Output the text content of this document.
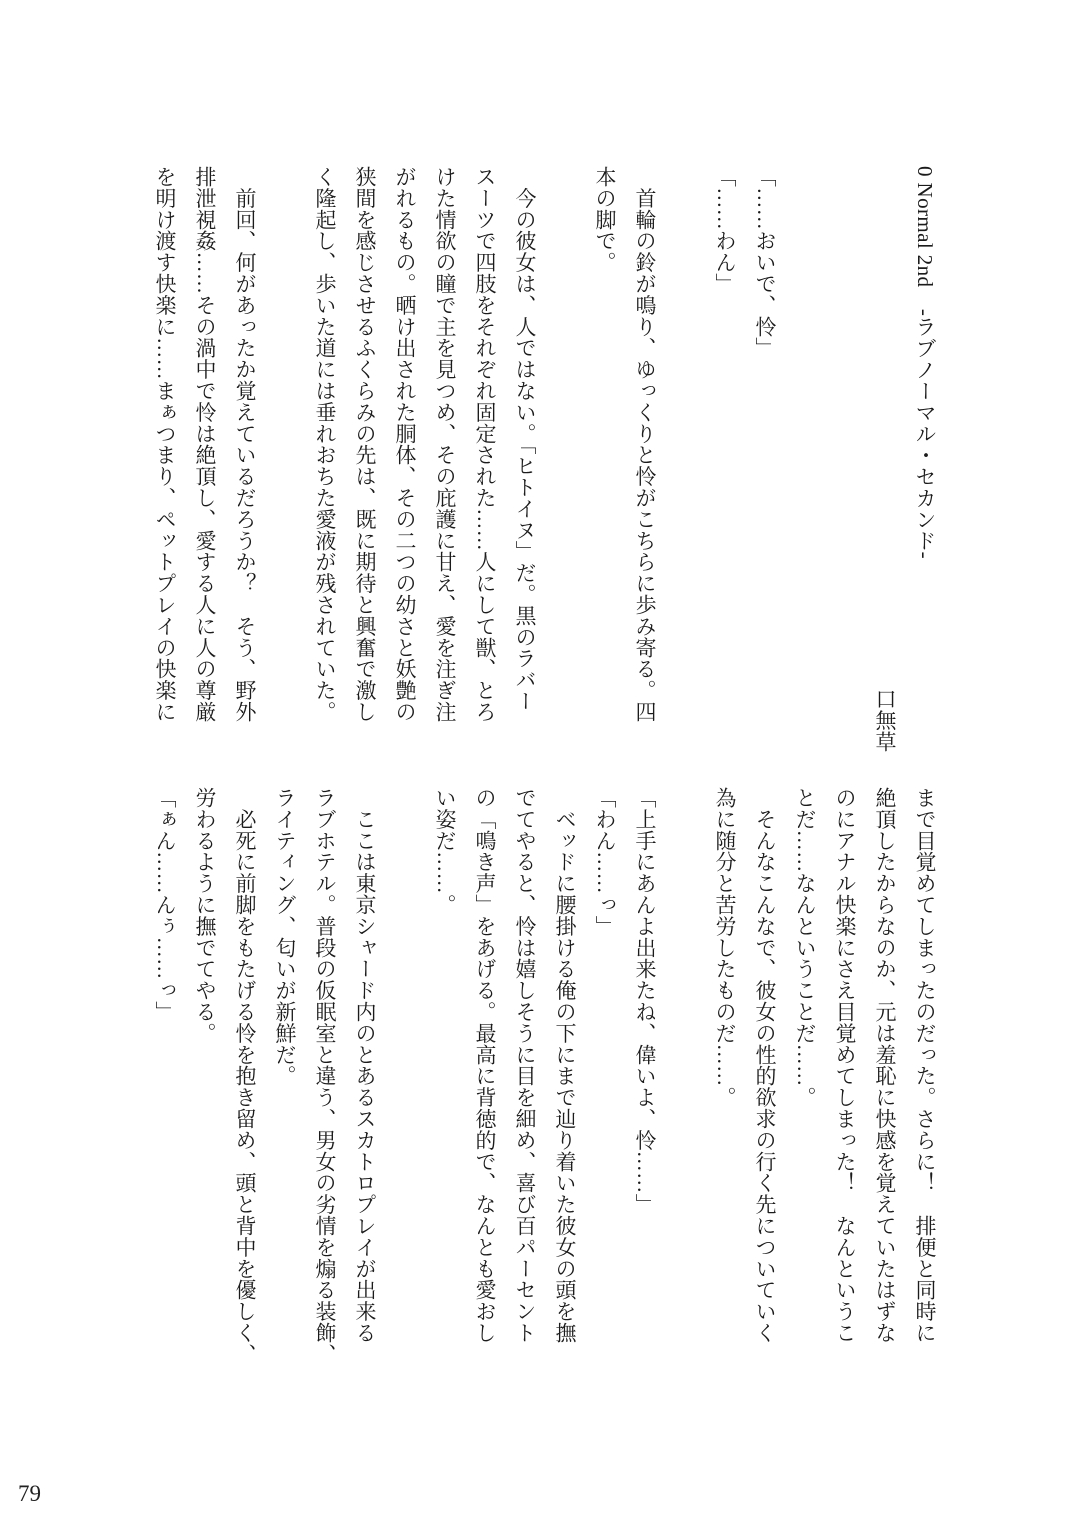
0 Normal 2nd　-ラブノーマル・セカンド-

口無草

「……おいで、怜」

「……わん」

　首輪の鈴が鳴り、ゆっくりと怜がこちらに歩み寄る。四

本の脚で。

　今の彼女は、人ではない。「ヒトイヌ」だ。黒のラバー

スーツで四肢をそれぞれ固定された……人にして獣、とろ

けた情欲の瞳で主を見つめ、その庇護に甘え、愛を注ぎ注

がれるもの。晒け出された胴体、その二つの幼さと妖艶の

狭間を感じさせるふくらみの先は、既に期待と興奮で激し

く隆起し、歩いた道には垂れおちた愛液が残されていた。

　前回、何があったか覚えているだろうか？　そう、野外

排泄視姦……その渦中で怜は絶頂し、愛する人に人の尊厳

を明け渡す快楽に……まぁつまり、ペットプレイの快楽に

まで目覚めてしまったのだった。さらに！　排便と同時に

絶頂したからなのか、元は羞恥に快感を覚えていたはずな

のにアナル快楽にさえ目覚めてしまった！　なんというこ

とだ……なんということだ……。

　そんなこんなで、彼女の性的欲求の行く先についていく

為に随分と苦労したものだ……。

「上手にあんよ出来たね、偉いよ、怜……」

「わん……っ」

　ベッドに腰掛ける俺の下にまで辿り着いた彼女の頭を撫

でてやると、怜は嬉しそうに目を細め、喜び百パーセント

の「鳴き声」をあげる。最高に背徳的で、なんとも愛おし

い姿だ……。

　ここは東京シャード内のとあるスカトロプレイが出来る

ラブホテル。普段の仮眠室と違う、男女の劣情を煽る装飾、

ライティング、匂いが新鮮だ。

　必死に前脚をもたげる怜を抱き留め、頭と背中を優しく、

労わるように撫でてやる。

「ぁん……んぅ……っ」

79
